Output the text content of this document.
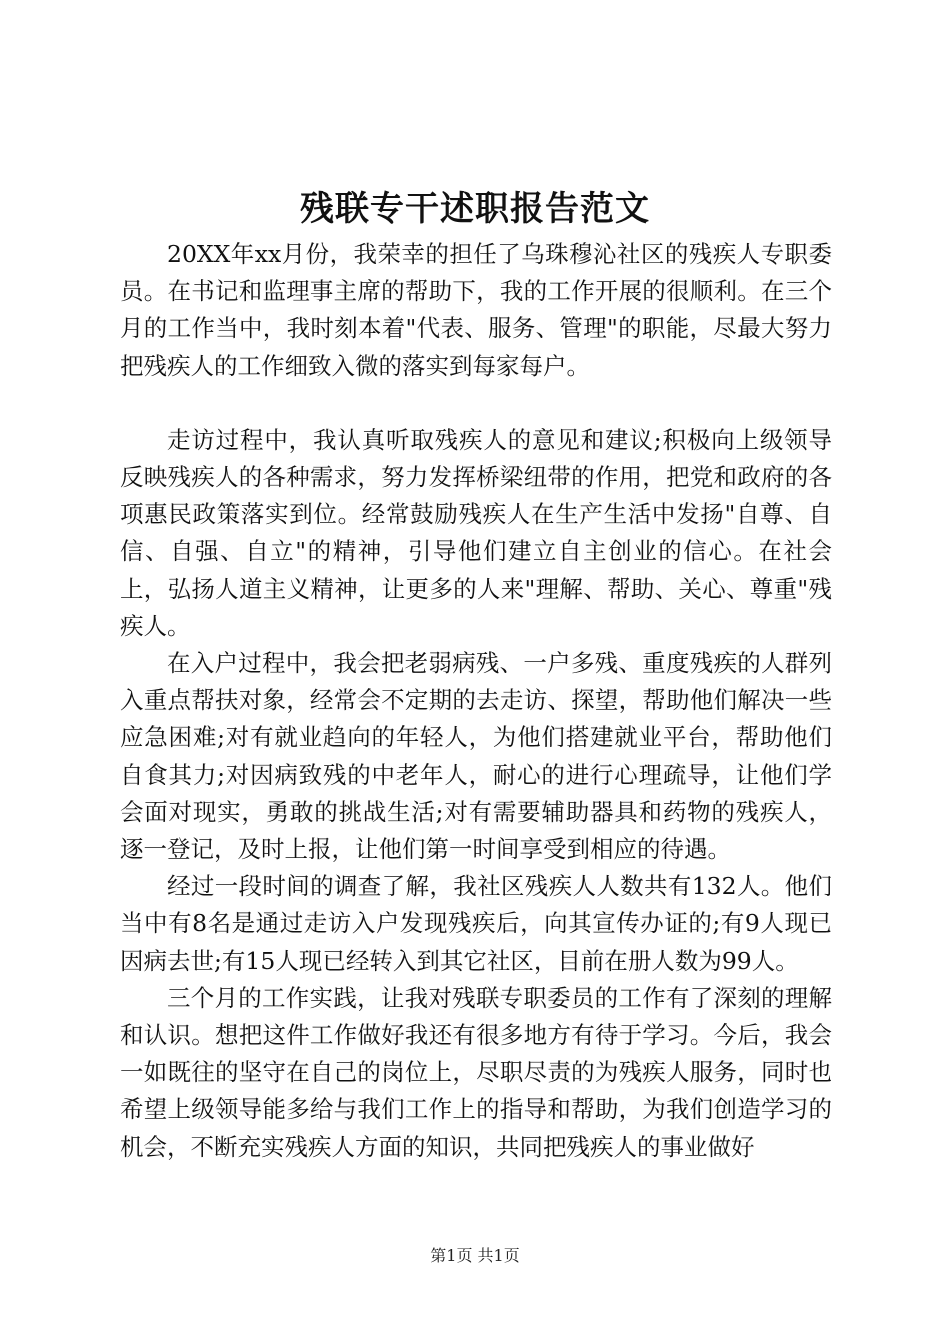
残联专干述职报告范文

20XX年xx月份，我荣幸的担任了乌珠穆沁社区的残疾人专职委员。在书记和监理事主席的帮助下，我的工作开展的很顺利。在三个月的工作当中，我时刻本着"代表、服务、管理"的职能，尽最大努力把残疾人的工作细致入微的落实到每家每户。

走访过程中，我认真听取残疾人的意见和建议;积极向上级领导反映残疾人的各种需求，努力发挥桥梁纽带的作用，把党和政府的各项惠民政策落实到位。经常鼓励残疾人在生产生活中发扬"自尊、自信、自强、自立"的精神，引导他们建立自主创业的信心。在社会上，弘扬人道主义精神，让更多的人来"理解、帮助、关心、尊重"残疾人。

在入户过程中，我会把老弱病残、一户多残、重度残疾的人群列入重点帮扶对象，经常会不定期的去走访、探望，帮助他们解决一些应急困难;对有就业趋向的年轻人，为他们搭建就业平台，帮助他们自食其力;对因病致残的中老年人，耐心的进行心理疏导，让他们学会面对现实，勇敢的挑战生活;对有需要辅助器具和药物的残疾人，逐一登记，及时上报，让他们第一时间享受到相应的待遇。

经过一段时间的调查了解，我社区残疾人人数共有132人。他们当中有8名是通过走访入户发现残疾后，向其宣传办证的;有9人现已因病去世;有15人现已经转入到其它社区，目前在册人数为99人。

三个月的工作实践，让我对残联专职委员的工作有了深刻的理解和认识。想把这件工作做好我还有很多地方有待于学习。今后，我会一如既往的坚守在自己的岗位上，尽职尽责的为残疾人服务，同时也希望上级领导能多给与我们工作上的指导和帮助，为我们创造学习的机会，不断充实残疾人方面的知识，共同把残疾人的事业做好

第1页 共1页
